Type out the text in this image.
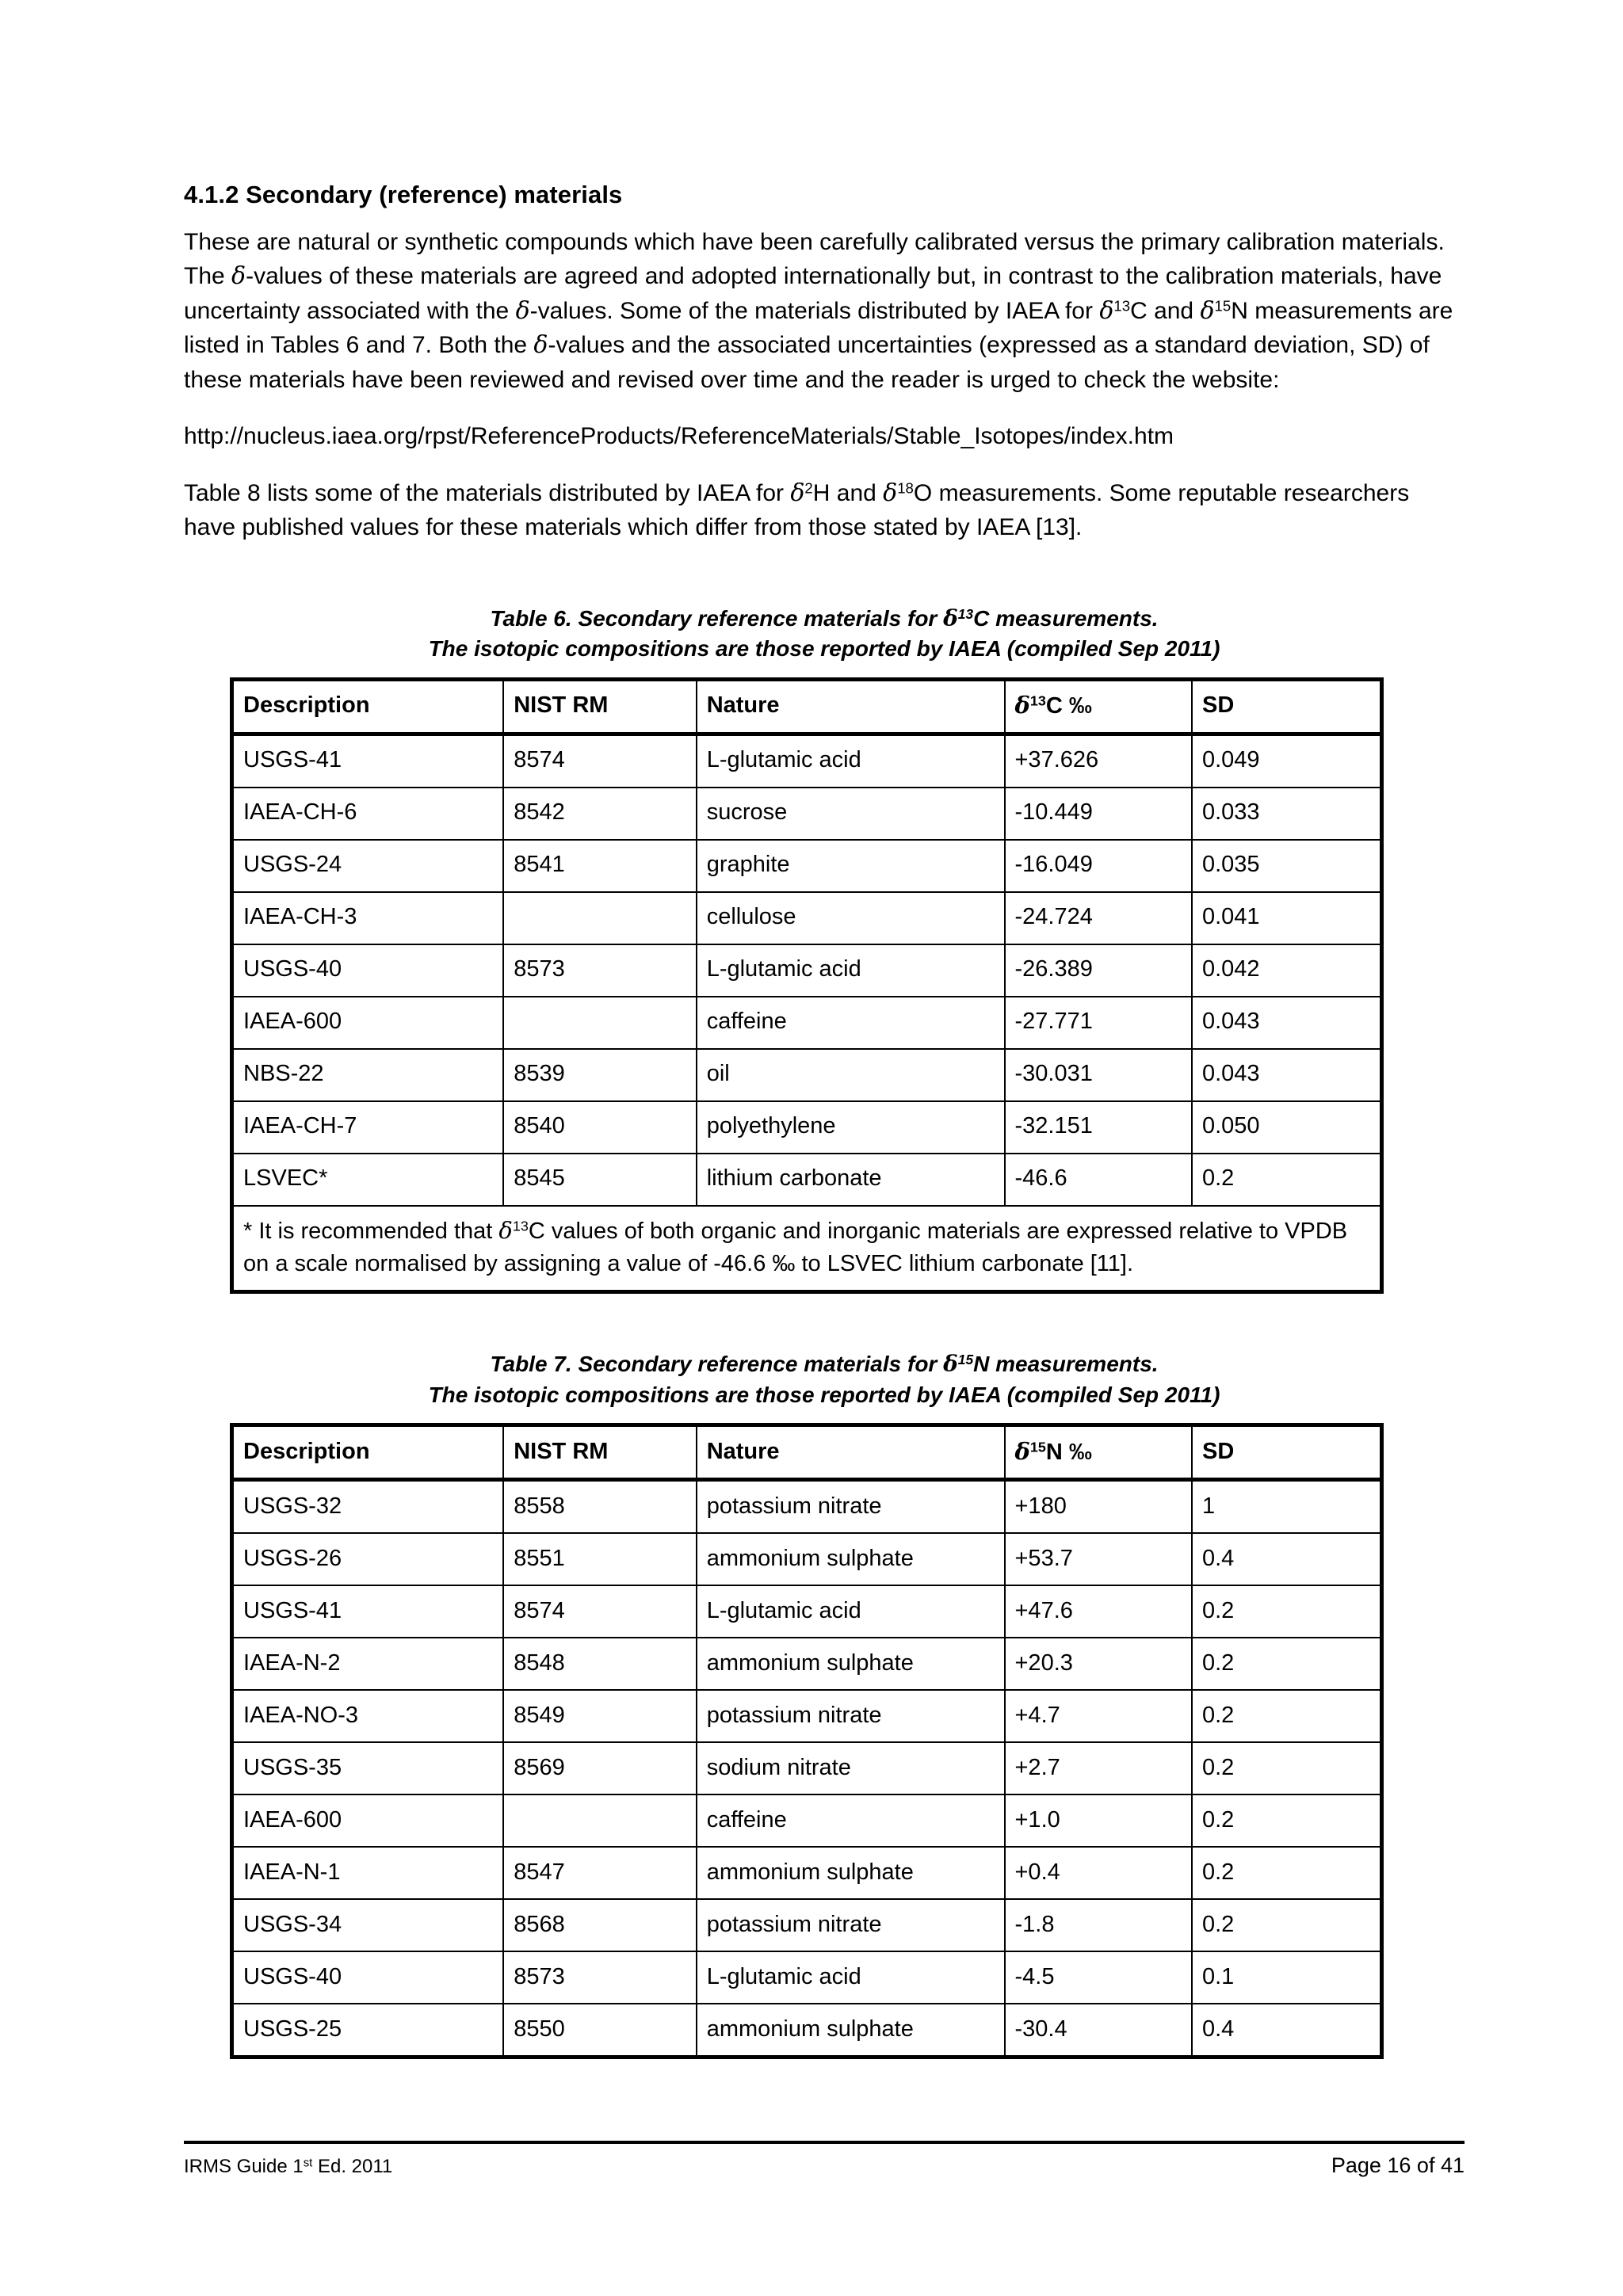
4.1.2 Secondary (reference) materials

These are natural or synthetic compounds which have been carefully calibrated versus the primary calibration materials. The δ-values of these materials are agreed and adopted internationally but, in contrast to the calibration materials, have uncertainty associated with the δ-values. Some of the materials distributed by IAEA for $\delta^{13}C$ and $\delta^{15}N$ measurements are listed in Tables 6 and 7. Both the δ-values and the associated uncertainties (expressed as a standard deviation, SD) of these materials have been reviewed and revised over time and the reader is urged to check the website:

http://nucleus.iaea.org/rpst/ReferenceProducts/ReferenceMaterials/Stable_Isotopes/index.htm

Table 8 lists some of the materials distributed by IAEA for $\delta^2H$ and $\delta^{18}O$ measurements. Some reputable researchers have published values for these materials which differ from those stated by IAEA [13].

Table 6. Secondary reference materials for $\delta^{13}C$ measurements.
The isotopic compositions are those reported by IAEA (compiled Sep 2011)
Description	NIST RM	Nature	$\delta^{13}C$ ‰	SD
USGS-41	8574	L-glutamic acid	+37.626	0.049
IAEA-CH-6	8542	sucrose	-10.449	0.033
USGS-24	8541	graphite	-16.049	0.035
IAEA-CH-3		cellulose	-24.724	0.041
USGS-40	8573	L-glutamic acid	-26.389	0.042
IAEA-600		caffeine	-27.771	0.043
NBS-22	8539	oil	-30.031	0.043
IAEA-CH-7	8540	polyethylene	-32.151	0.050
LSVEC*	8545	lithium carbonate	-46.6	0.2
* It is recommended that $\delta^{13}C$ values of both organic and inorganic materials are expressed relative to VPDB on a scale normalised by assigning a value of -46.6 ‰ to LSVEC lithium carbonate [11].				
Table 7. Secondary reference materials for $\delta^{15}N$ measurements.
The isotopic compositions are those reported by IAEA (compiled Sep 2011)
Description	NIST RM	Nature	$\delta^{15}N$ ‰	SD
USGS-32	8558	potassium nitrate	+180	1
USGS-26	8551	ammonium sulphate	+53.7	0.4
USGS-41	8574	L-glutamic acid	+47.6	0.2
IAEA-N-2	8548	ammonium sulphate	+20.3	0.2
IAEA-NO-3	8549	potassium nitrate	+4.7	0.2
USGS-35	8569	sodium nitrate	+2.7	0.2
IAEA-600		caffeine	+1.0	0.2
IAEA-N-1	8547	ammonium sulphate	+0.4	0.2
USGS-34	8568	potassium nitrate	-1.8	0.2
USGS-40	8573	L-glutamic acid	-4.5	0.1
USGS-25	8550	ammonium sulphate	-30.4	0.4
IRMS Guide 1st Ed. 2011	Page 16 of 41
